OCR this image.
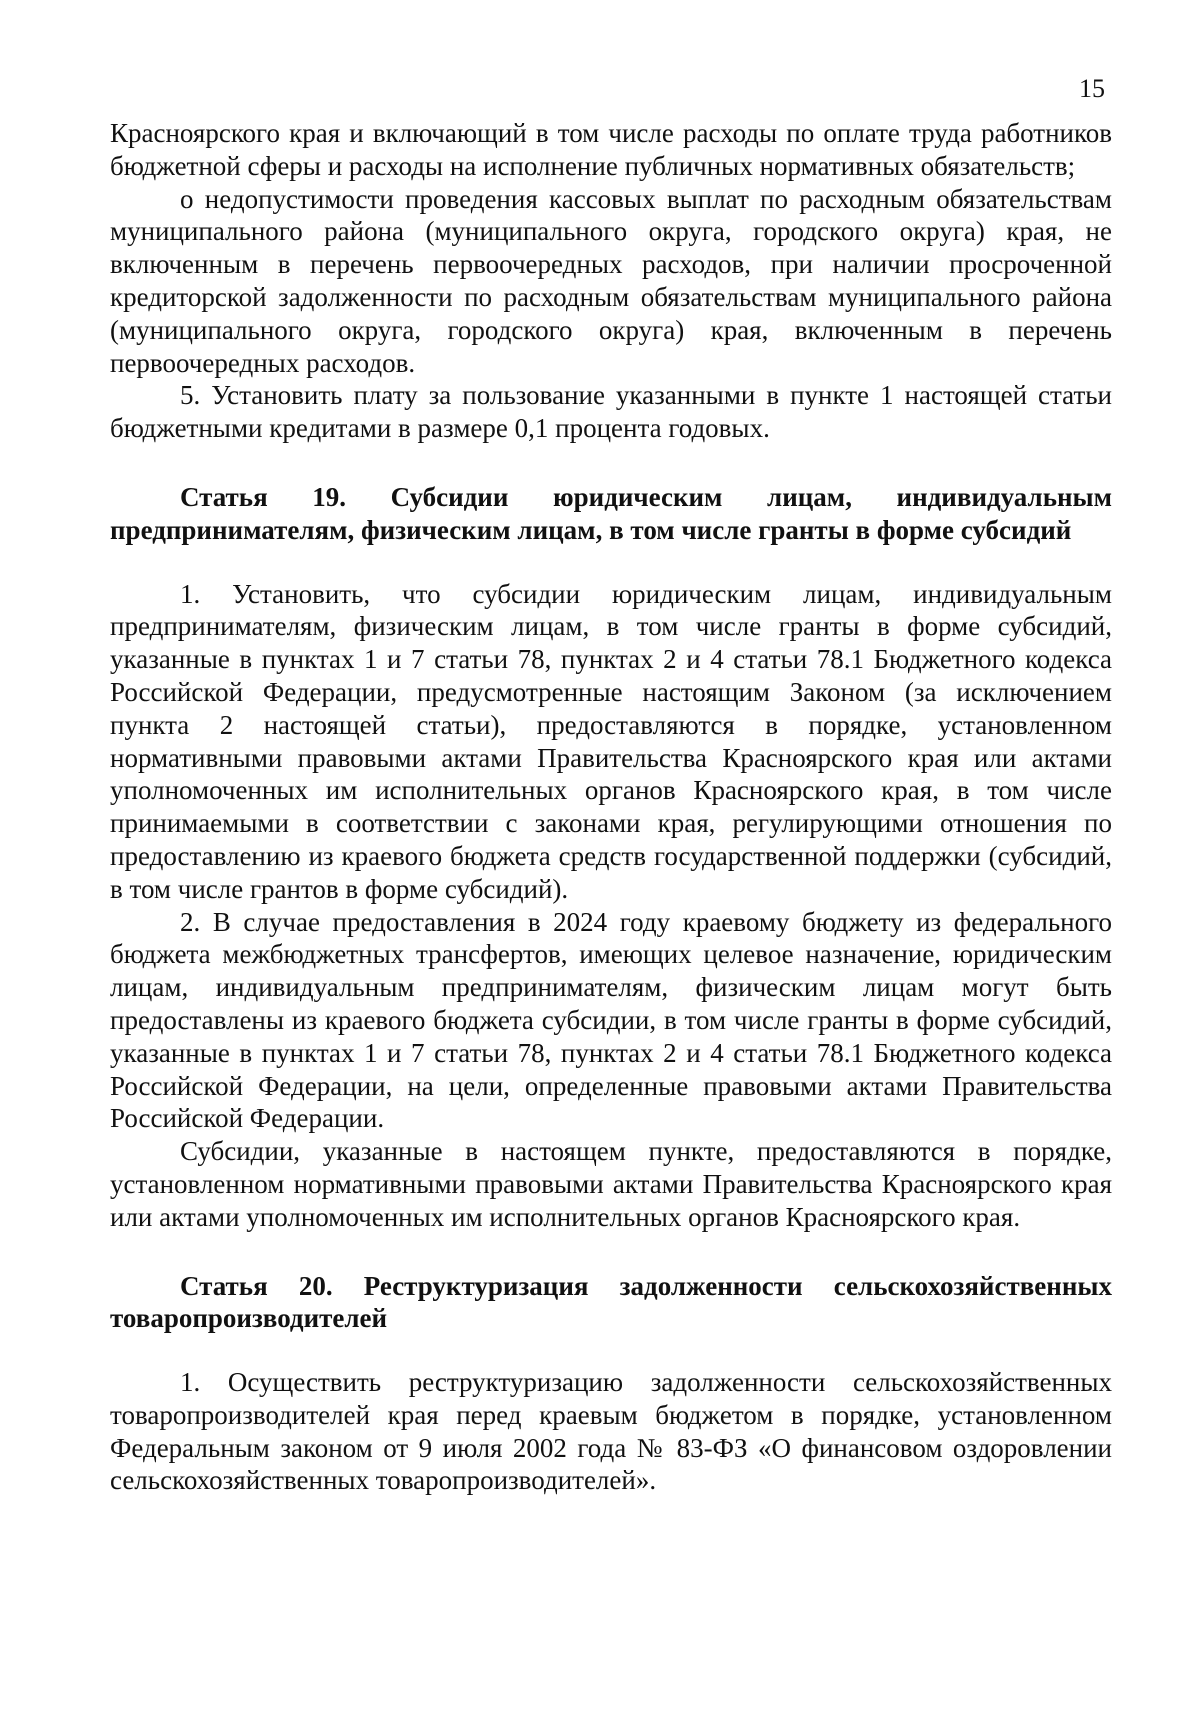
15

Красноярского края и включающий в том числе расходы по оплате труда работников бюджетной сферы и расходы на исполнение публичных нормативных обязательств;

о недопустимости проведения кассовых выплат по расходным обязательствам муниципального района (муниципального округа, городского округа) края, не включенным в перечень первоочередных расходов, при наличии просроченной кредиторской задолженности по расходным обязательствам муниципального района (муниципального округа, городского округа) края, включенным в перечень первоочередных расходов.

5. Установить плату за пользование указанными в пункте 1 настоящей статьи бюджетными кредитами в размере 0,1 процента годовых.

Статья 19. Субсидии юридическим лицам, индивидуальным предпринимателям, физическим лицам, в том числе гранты в форме субсидий

1. Установить, что субсидии юридическим лицам, индивидуальным предпринимателям, физическим лицам, в том числе гранты в форме субсидий, указанные в пунктах 1 и 7 статьи 78, пунктах 2 и 4 статьи 78.1 Бюджетного кодекса Российской Федерации, предусмотренные настоящим Законом (за исключением пункта 2 настоящей статьи), предоставляются в порядке, установленном нормативными правовыми актами Правительства Красноярского края или актами уполномоченных им исполнительных органов Красноярского края, в том числе принимаемыми в соответствии с законами края, регулирующими отношения по предоставлению из краевого бюджета средств государственной поддержки (субсидий, в том числе грантов в форме субсидий).

2. В случае предоставления в 2024 году краевому бюджету из федерального бюджета межбюджетных трансфертов, имеющих целевое назначение, юридическим лицам, индивидуальным предпринимателям, физическим лицам могут быть предоставлены из краевого бюджета субсидии, в том числе гранты в форме субсидий, указанные в пунктах 1 и 7 статьи 78, пунктах 2 и 4 статьи 78.1 Бюджетного кодекса Российской Федерации, на цели, определенные правовыми актами Правительства Российской Федерации.

Субсидии, указанные в настоящем пункте, предоставляются в порядке, установленном нормативными правовыми актами Правительства Красноярского края или актами уполномоченных им исполнительных органов Красноярского края.

Статья 20. Реструктуризация задолженности сельскохозяйственных товаропроизводителей

1. Осуществить реструктуризацию задолженности сельскохозяйственных товаропроизводителей края перед краевым бюджетом в порядке, установленном Федеральным законом от 9 июля 2002 года № 83-ФЗ «О финансовом оздоровлении сельскохозяйственных товаропроизводителей».
